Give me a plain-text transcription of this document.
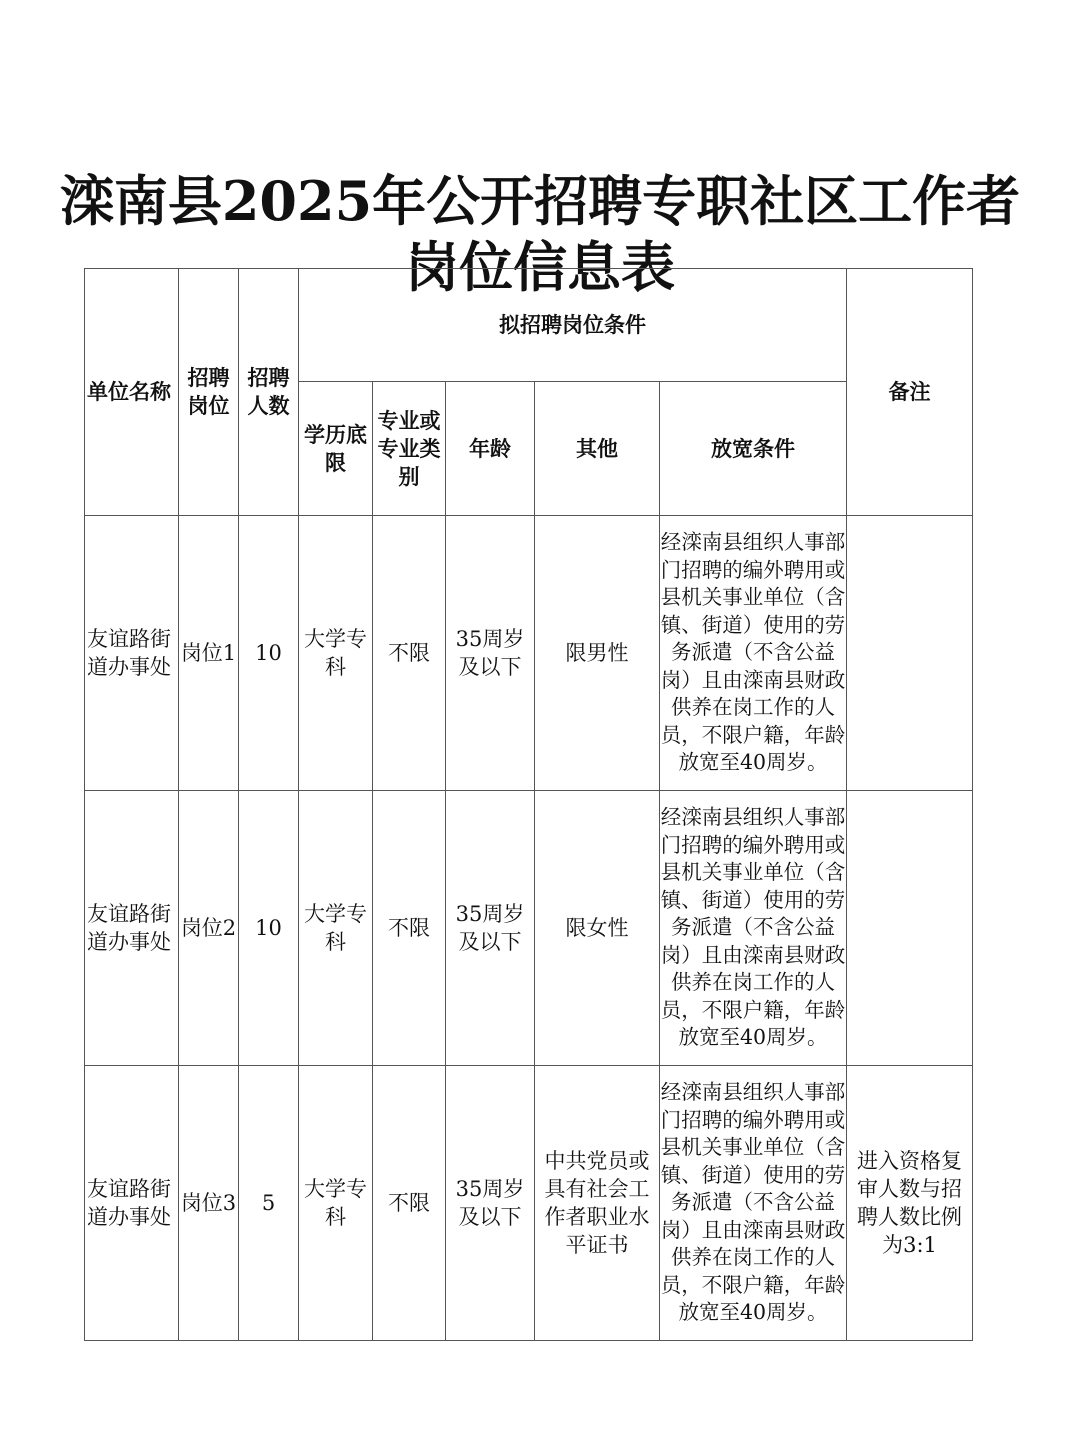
滦南县2025年公开招聘专职社区工作者
岗位信息表
单位名称	招聘岗位	招聘人数	拟招聘岗位条件					备注
			学历底限	专业或专业类别	年龄	其他	放宽条件	
友谊路街道办事处	岗位1	10	大学专科	不限	35周岁及以下	限男性	经滦南县组织人事部门招聘的编外聘用或县机关事业单位（含镇、街道）使用的劳务派遣（不含公益岗）且由滦南县财政供养在岗工作的人员，不限户籍，年龄放宽至40周岁。	
友谊路街道办事处	岗位2	10	大学专科	不限	35周岁及以下	限女性	经滦南县组织人事部门招聘的编外聘用或县机关事业单位（含镇、街道）使用的劳务派遣（不含公益岗）且由滦南县财政供养在岗工作的人员，不限户籍，年龄放宽至40周岁。	
友谊路街道办事处	岗位3	5	大学专科	不限	35周岁及以下	中共党员或具有社会工作者职业水平证书	经滦南县组织人事部门招聘的编外聘用或县机关事业单位（含镇、街道）使用的劳务派遣（不含公益岗）且由滦南县财政供养在岗工作的人员，不限户籍，年龄放宽至40周岁。	进入资格复审人数与招聘人数比例为3:1
